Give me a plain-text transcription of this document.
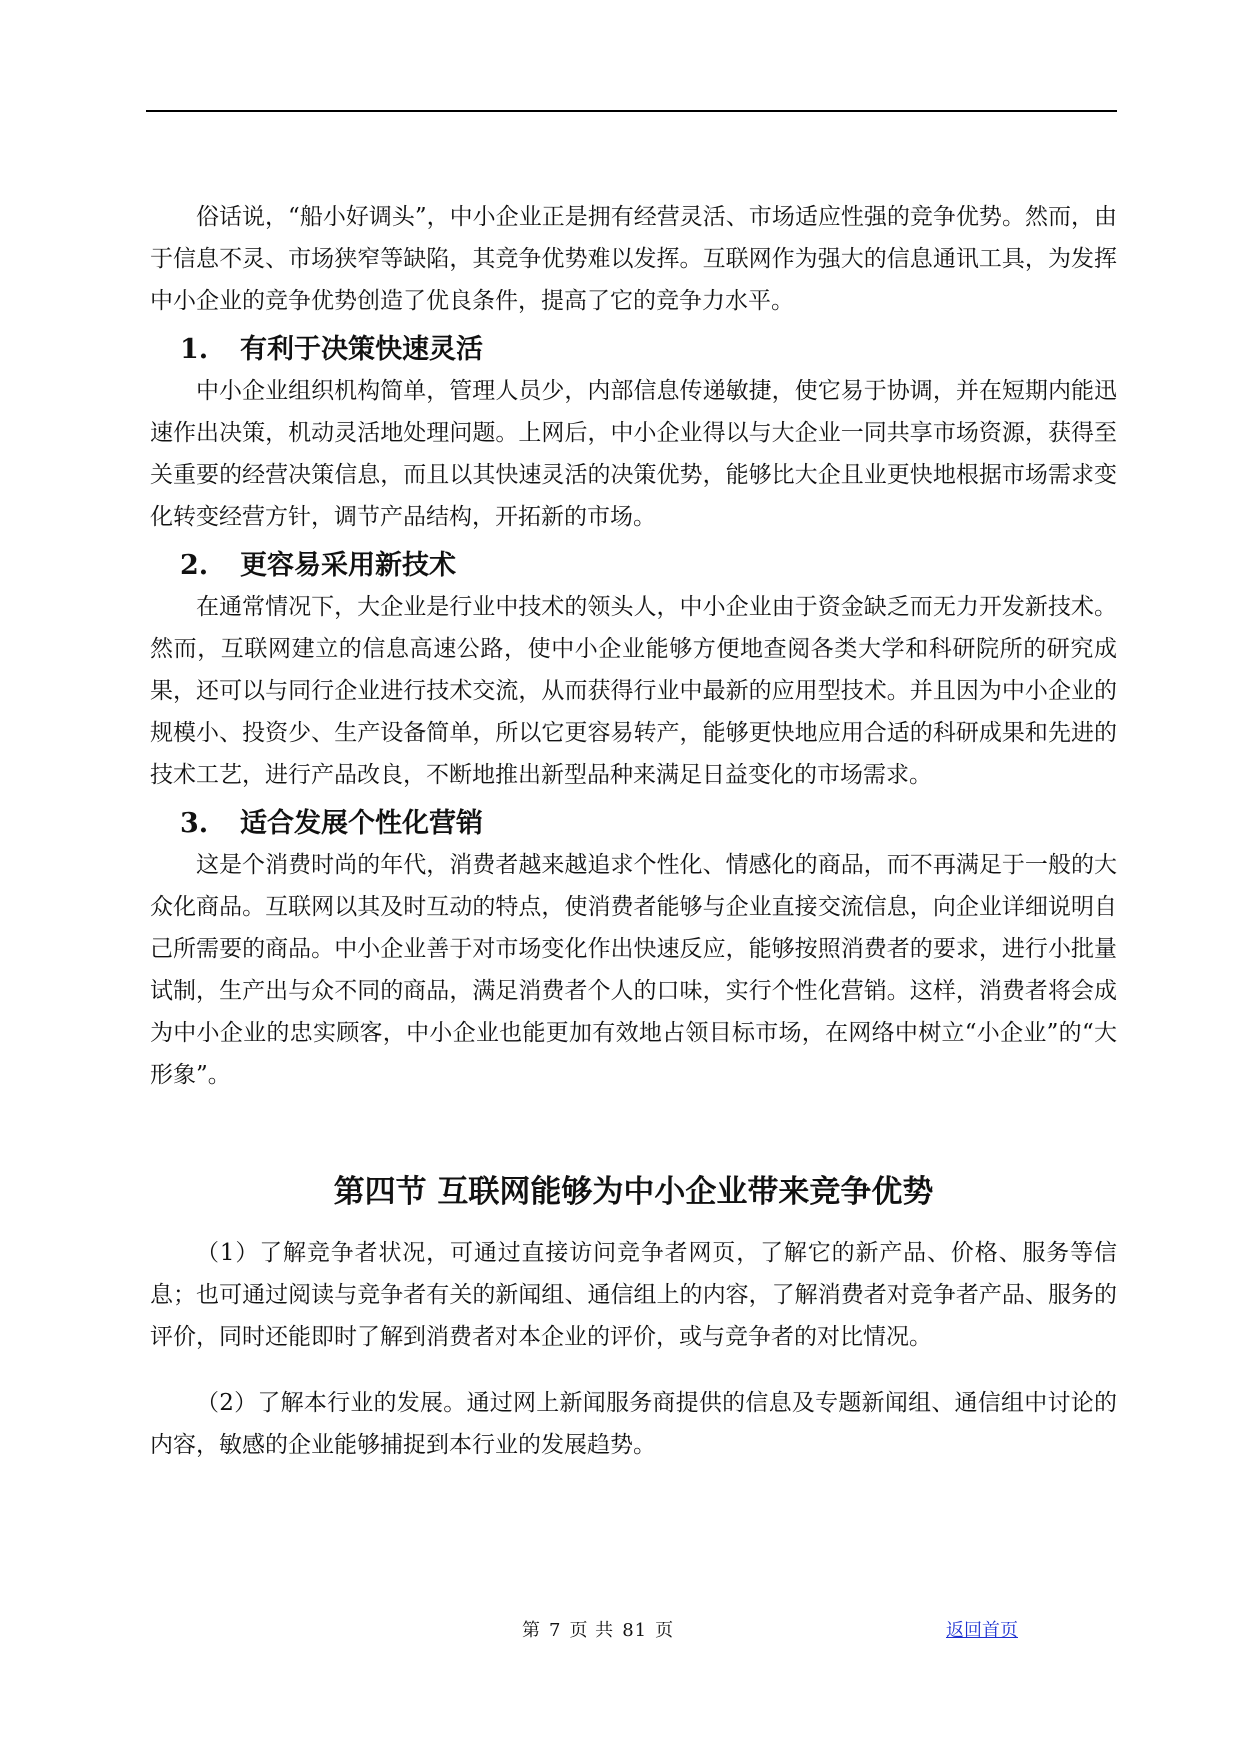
俗话说，“船小好调头”，中小企业正是拥有经营灵活、市场适应性强的竞争优势。然而，由于信息不灵、市场狭窄等缺陷，其竞争优势难以发挥。互联网作为强大的信息通讯工具，为发挥中小企业的竞争优势创造了优良条件，提高了它的竞争力水平。

1. 有利于决策快速灵活

中小企业组织机构简单，管理人员少，内部信息传递敏捷，使它易于协调，并在短期内能迅速作出决策，机动灵活地处理问题。上网后，中小企业得以与大企业一同共享市场资源，获得至关重要的经营决策信息，而且以其快速灵活的决策优势，能够比大企且业更快地根据市场需求变化转变经营方针，调节产品结构，开拓新的市场。

2. 更容易采用新技术

在通常情况下，大企业是行业中技术的领头人，中小企业由于资金缺乏而无力开发新技术。然而，互联网建立的信息高速公路，使中小企业能够方便地查阅各类大学和科研院所的研究成果，还可以与同行企业进行技术交流，从而获得行业中最新的应用型技术。并且因为中小企业的规模小、投资少、生产设备简单，所以它更容易转产，能够更快地应用合适的科研成果和先进的技术工艺，进行产品改良，不断地推出新型品种来满足日益变化的市场需求。

3. 适合发展个性化营销

这是个消费时尚的年代，消费者越来越追求个性化、情感化的商品，而不再满足于一般的大众化商品。互联网以其及时互动的特点，使消费者能够与企业直接交流信息，向企业详细说明自己所需要的商品。中小企业善于对市场变化作出快速反应，能够按照消费者的要求，进行小批量试制，生产出与众不同的商品，满足消费者个人的口味，实行个性化营销。这样，消费者将会成为中小企业的忠实顾客，中小企业也能更加有效地占领目标市场，在网络中树立“小企业”的“大形象”。

第四节 互联网能够为中小企业带来竞争优势

（1）了解竞争者状况，可通过直接访问竞争者网页，了解它的新产品、价格、服务等信息；也可通过阅读与竞争者有关的新闻组、通信组上的内容，了解消费者对竞争者产品、服务的评价，同时还能即时了解到消费者对本企业的评价，或与竞争者的对比情况。

（2）了解本行业的发展。通过网上新闻服务商提供的信息及专题新闻组、通信组中讨论的内容，敏感的企业能够捕捉到本行业的发展趋势。

第 7 页 共 81 页	返回首页
